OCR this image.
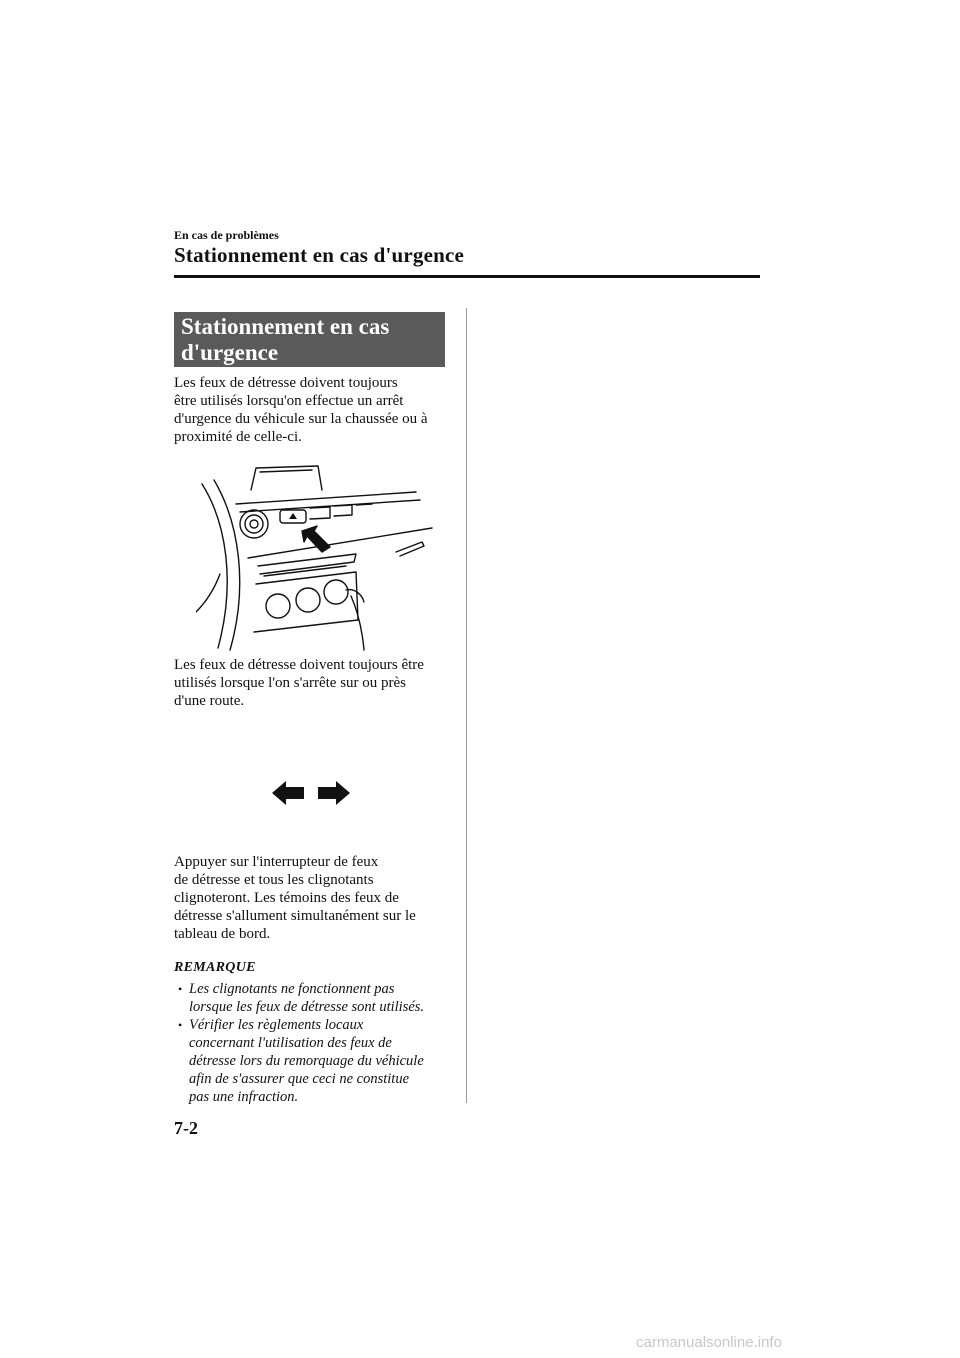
En cas de problèmes
Stationnement en cas d'urgence
Stationnement en cas
d'urgence
Les feux de détresse doivent toujours
être utilisés lorsqu'on effectue un arrêt
d'urgence du véhicule sur la chaussée ou à
proximité de celle-ci.
Les feux de détresse doivent toujours être
utilisés lorsque l'on s'arrête sur ou près
d'une route.
Appuyer sur l'interrupteur de feux
de détresse et tous les clignotants
clignoteront. Les témoins des feux de
détresse s'allument simultanément sur le
tableau de bord.
REMARQUE
• Les clignotants ne fonctionnent pas
lorsque les feux de détresse sont utilisés.
• Vérifier les règlements locaux
concernant l'utilisation des feux de
détresse lors du remorquage du véhicule
afin de s'assurer que ceci ne constitue
pas une infraction.
7-2
carmanualsonline.info
